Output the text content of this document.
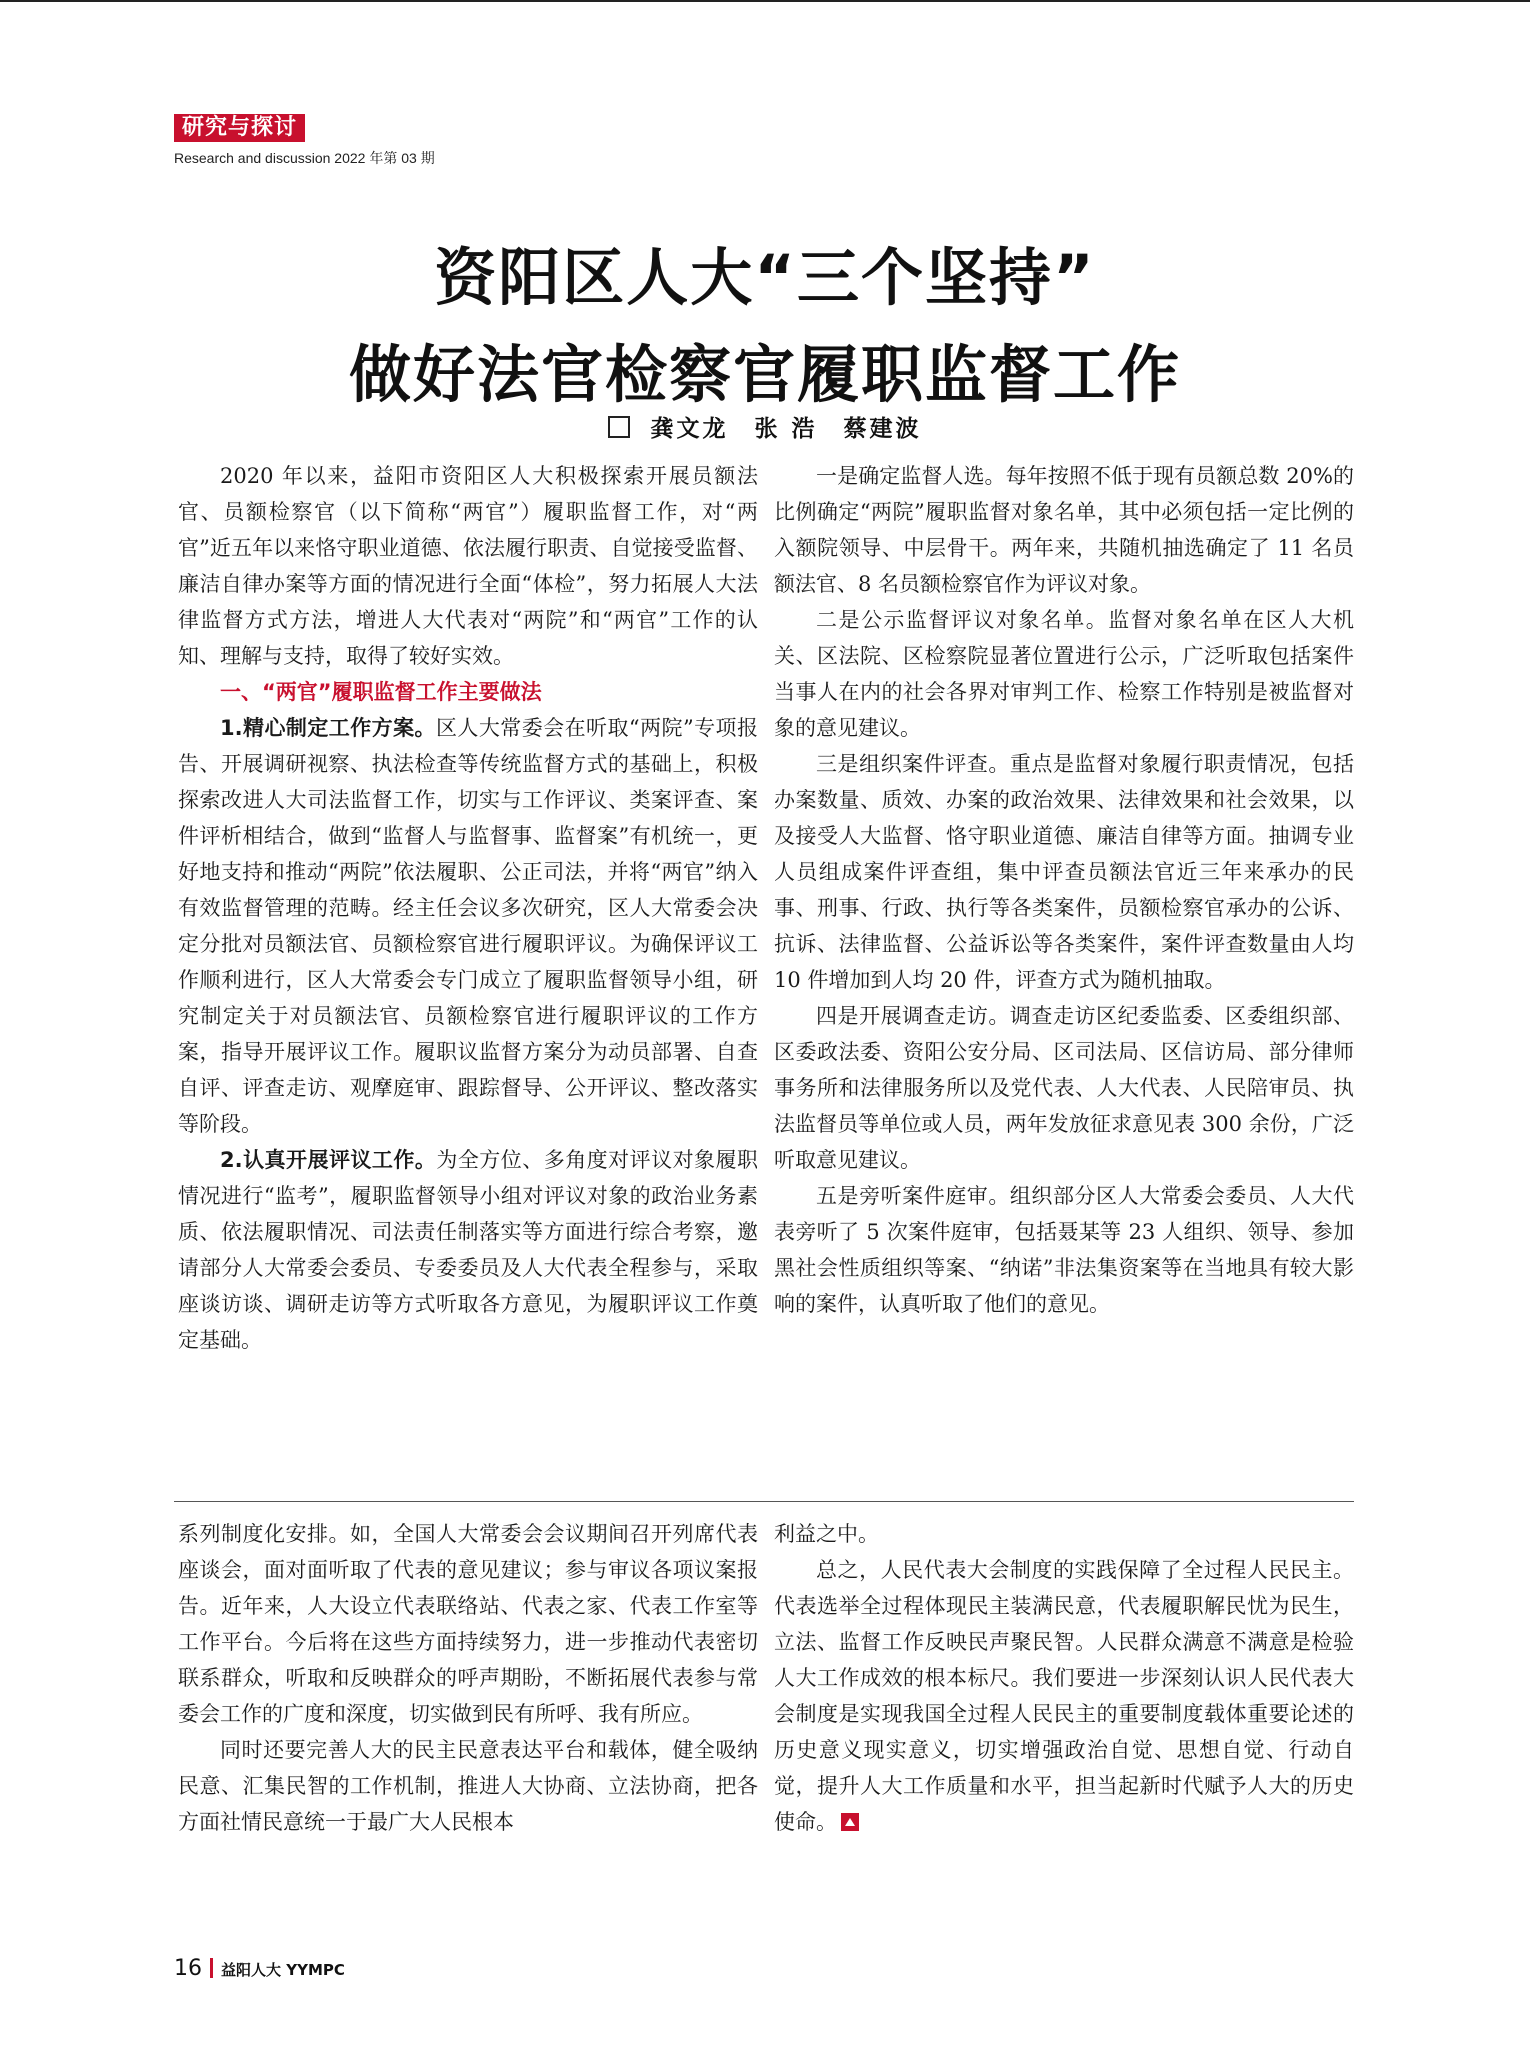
研究与探讨
Research and discussion 2022 年第 03 期
资阳区人大“三个坚持”
做好法官检察官履职监督工作
龚文龙　张 浩　蔡建波

2020 年以来，益阳市资阳区人大积极探索开展员额法官、员额检察官（以下简称“两官”）履职监督工作，对“两官”近五年以来恪守职业道德、依法履行职责、自觉接受监督、廉洁自律办案等方面的情况进行全面“体检”，努力拓展人大法律监督方式方法，增进人大代表对“两院”和“两官”工作的认知、理解与支持，取得了较好实效。

一、“两官”履职监督工作主要做法

1.精心制定工作方案。区人大常委会在听取“两院”专项报告、开展调研视察、执法检查等传统监督方式的基础上，积极探索改进人大司法监督工作，切实与工作评议、类案评查、案件评析相结合，做到“监督人与监督事、监督案”有机统一，更好地支持和推动“两院”依法履职、公正司法，并将“两官”纳入有效监督管理的范畴。经主任会议多次研究，区人大常委会决定分批对员额法官、员额检察官进行履职评议。为确保评议工作顺利进行，区人大常委会专门成立了履职监督领导小组，研究制定关于对员额法官、员额检察官进行履职评议的工作方案，指导开展评议工作。履职议监督方案分为动员部署、自查自评、评查走访、观摩庭审、跟踪督导、公开评议、整改落实等阶段。

2.认真开展评议工作。为全方位、多角度对评议对象履职情况进行“监考”，履职监督领导小组对评议对象的政治业务素质、依法履职情况、司法责任制落实等方面进行综合考察，邀请部分人大常委会委员、专委委员及人大代表全程参与，采取座谈访谈、调研走访等方式听取各方意见，为履职评议工作奠定基础。

一是确定监督人选。每年按照不低于现有员额总数 20%的比例确定“两院”履职监督对象名单，其中必须包括一定比例的入额院领导、中层骨干。两年来，共随机抽选确定了 11 名员额法官、8 名员额检察官作为评议对象。

二是公示监督评议对象名单。监督对象名单在区人大机关、区法院、区检察院显著位置进行公示，广泛听取包括案件当事人在内的社会各界对审判工作、检察工作特别是被监督对象的意见建议。

三是组织案件评查。重点是监督对象履行职责情况，包括办案数量、质效、办案的政治效果、法律效果和社会效果，以及接受人大监督、恪守职业道德、廉洁自律等方面。抽调专业人员组成案件评查组，集中评查员额法官近三年来承办的民事、刑事、行政、执行等各类案件，员额检察官承办的公诉、抗诉、法律监督、公益诉讼等各类案件，案件评查数量由人均 10 件增加到人均 20 件，评查方式为随机抽取。

四是开展调查走访。调查走访区纪委监委、区委组织部、区委政法委、资阳公安分局、区司法局、区信访局、部分律师事务所和法律服务所以及党代表、人大代表、人民陪审员、执法监督员等单位或人员，两年发放征求意见表 300 余份，广泛听取意见建议。

五是旁听案件庭审。组织部分区人大常委会委员、人大代表旁听了 5 次案件庭审，包括聂某等 23 人组织、领导、参加黑社会性质组织等案、“纳诺”非法集资案等在当地具有较大影响的案件，认真听取了他们的意见。

系列制度化安排。如，全国人大常委会会议期间召开列席代表座谈会，面对面听取了代表的意见建议；参与审议各项议案报告。近年来，人大设立代表联络站、代表之家、代表工作室等工作平台。今后将在这些方面持续努力，进一步推动代表密切联系群众，听取和反映群众的呼声期盼，不断拓展代表参与常委会工作的广度和深度，切实做到民有所呼、我有所应。

同时还要完善人大的民主民意表达平台和载体，健全吸纳民意、汇集民智的工作机制，推进人大协商、立法协商，把各方面社情民意统一于最广大人民根本

利益之中。

总之，人民代表大会制度的实践保障了全过程人民民主。代表选举全过程体现民主装满民意，代表履职解民忧为民生，立法、监督工作反映民声聚民智。人民群众满意不满意是检验人大工作成效的根本标尺。我们要进一步深刻认识人民代表大会制度是实现我国全过程人民民主的重要制度载体重要论述的历史意义现实意义，切实增强政治自觉、思想自觉、行动自觉，提升人大工作质量和水平，担当起新时代赋予人大的历史使命。

16 益阳人大 YYMPC
